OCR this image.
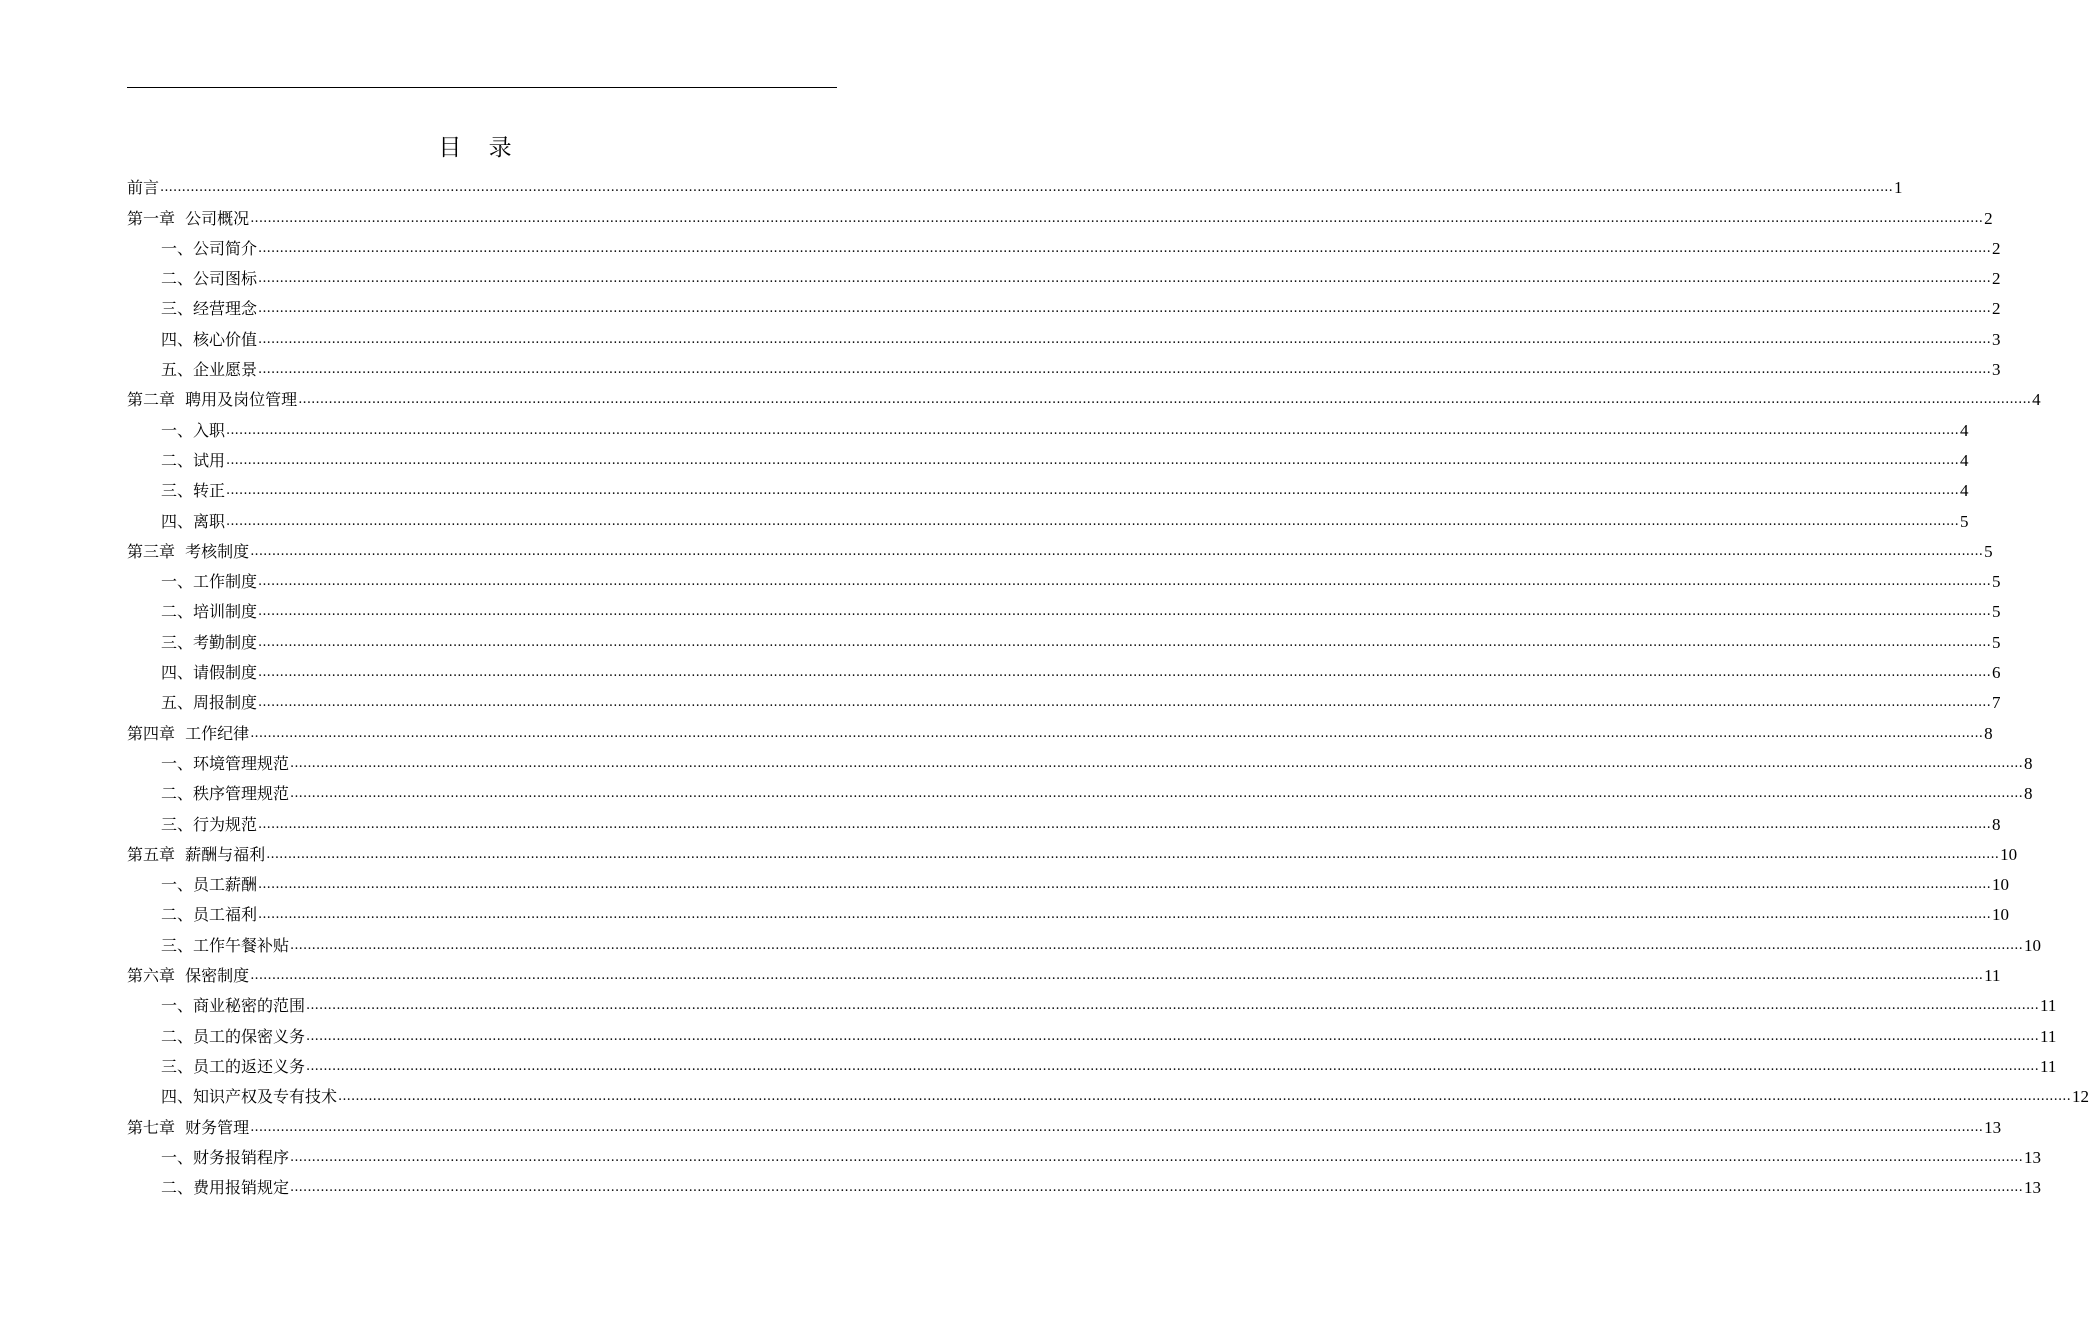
目 录
前言 ................................................................................................................................................................................................................................................................................................................................................................................................................ 1
第一章  公司概况 ................................................................................................................................................................................................................................................................................................................................................................................................................ 2
一、公司简介 ................................................................................................................................................................................................................................................................................................................................................................................................................ 2
二、公司图标 ................................................................................................................................................................................................................................................................................................................................................................................................................ 2
三、经营理念 ................................................................................................................................................................................................................................................................................................................................................................................................................ 2
四、核心价值 ................................................................................................................................................................................................................................................................................................................................................................................................................ 3
五、企业愿景 ................................................................................................................................................................................................................................................................................................................................................................................................................ 3
第二章  聘用及岗位管理 ................................................................................................................................................................................................................................................................................................................................................................................................................ 4
一、入职 ................................................................................................................................................................................................................................................................................................................................................................................................................ 4
二、试用 ................................................................................................................................................................................................................................................................................................................................................................................................................ 4
三、转正 ................................................................................................................................................................................................................................................................................................................................................................................................................ 4
四、离职 ................................................................................................................................................................................................................................................................................................................................................................................................................ 5
第三章  考核制度 ................................................................................................................................................................................................................................................................................................................................................................................................................ 5
一、工作制度 ................................................................................................................................................................................................................................................................................................................................................................................................................ 5
二、培训制度 ................................................................................................................................................................................................................................................................................................................................................................................................................ 5
三、考勤制度 ................................................................................................................................................................................................................................................................................................................................................................................................................ 5
四、请假制度 ................................................................................................................................................................................................................................................................................................................................................................................................................ 6
五、周报制度 ................................................................................................................................................................................................................................................................................................................................................................................................................ 7
第四章  工作纪律 ................................................................................................................................................................................................................................................................................................................................................................................................................ 8
一、环境管理规范 ................................................................................................................................................................................................................................................................................................................................................................................................................ 8
二、秩序管理规范 ................................................................................................................................................................................................................................................................................................................................................................................................................ 8
三、行为规范 ................................................................................................................................................................................................................................................................................................................................................................................................................ 8
第五章  薪酬与福利 ................................................................................................................................................................................................................................................................................................................................................................................................................ 10
一、员工薪酬 ................................................................................................................................................................................................................................................................................................................................................................................................................ 10
二、员工福利 ................................................................................................................................................................................................................................................................................................................................................................................................................ 10
三、工作午餐补贴 ................................................................................................................................................................................................................................................................................................................................................................................................................ 10
第六章  保密制度 ................................................................................................................................................................................................................................................................................................................................................................................................................ 11
一、商业秘密的范围 ................................................................................................................................................................................................................................................................................................................................................................................................................ 11
二、员工的保密义务 ................................................................................................................................................................................................................................................................................................................................................................................................................ 11
三、员工的返还义务 ................................................................................................................................................................................................................................................................................................................................................................................................................ 11
四、知识产权及专有技术 ................................................................................................................................................................................................................................................................................................................................................................................................................ 12
第七章  财务管理 ................................................................................................................................................................................................................................................................................................................................................................................................................ 13
一、财务报销程序 ................................................................................................................................................................................................................................................................................................................................................................................................................ 13
二、费用报销规定 ................................................................................................................................................................................................................................................................................................................................................................................................................ 13
